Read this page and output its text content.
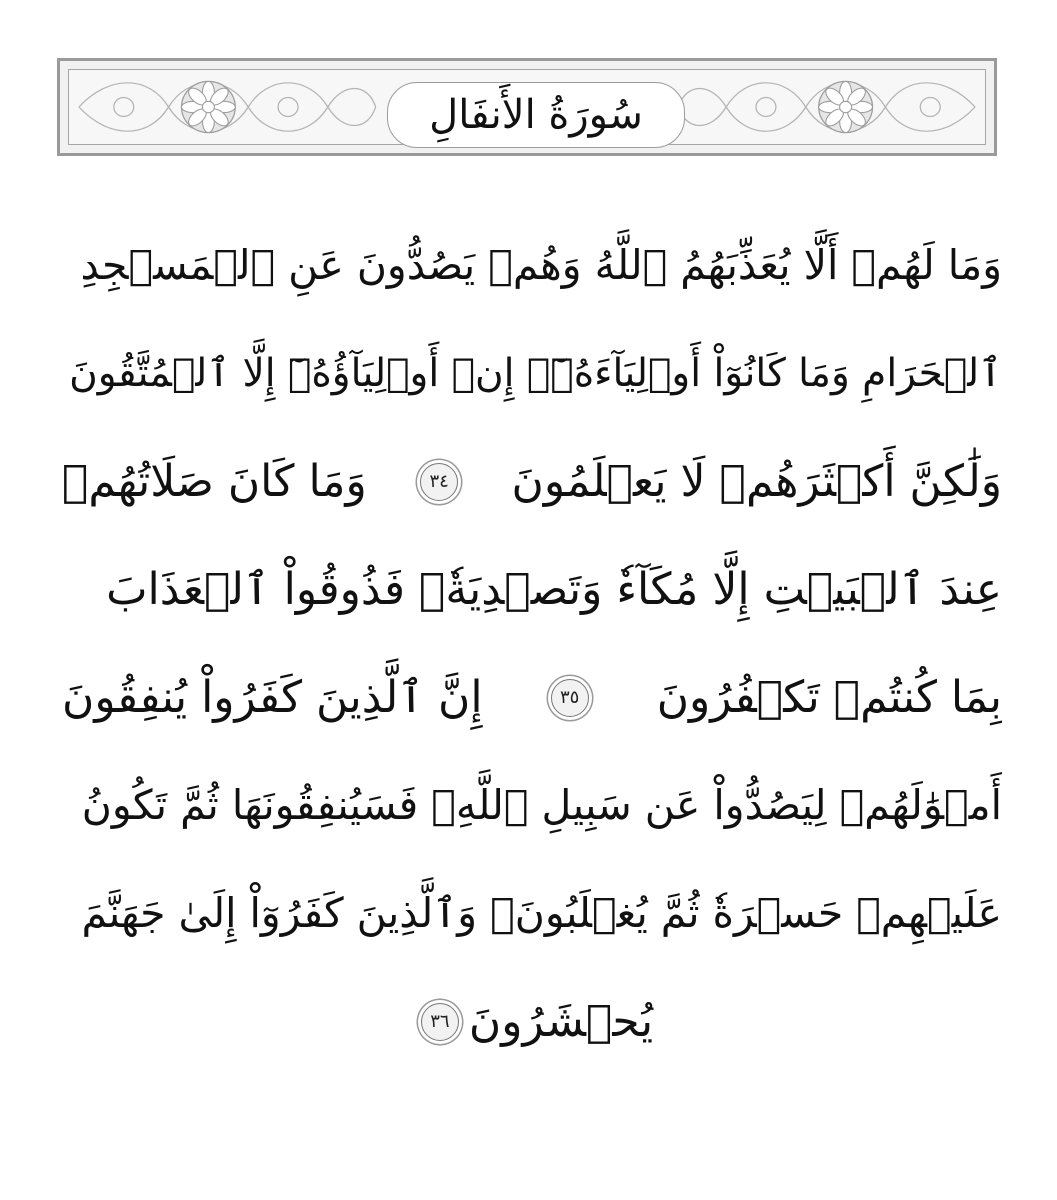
سُورَةُ الأَنفَالِ
وَمَا لَهُمۡ أَلَّا يُعَذِّبَهُمُ ٱللَّهُ وَهُمۡ يَصُدُّونَ عَنِ ٱلۡمَسۡجِدِ
ٱلۡحَرَامِ وَمَا كَانُوٓاْ أَوۡلِيَآءَهُۥٓۚ إِنۡ أَوۡلِيَآؤُهُۥٓ إِلَّا ٱلۡمُتَّقُونَ
وَلَٰكِنَّ أَكۡثَرَهُمۡ لَا يَعۡلَمُونَ
٣٤
وَمَا كَانَ صَلَاتُهُمۡ
عِندَ ٱلۡبَيۡتِ إِلَّا مُكَآءٗ وَتَصۡدِيَةٗۚ فَذُوقُواْ ٱلۡعَذَابَ
بِمَا كُنتُمۡ تَكۡفُرُونَ
٣٥
إِنَّ ٱلَّذِينَ كَفَرُواْ يُنفِقُونَ
أَمۡوَٰلَهُمۡ لِيَصُدُّواْ عَن سَبِيلِ ٱللَّهِۚ فَسَيُنفِقُونَهَا ثُمَّ تَكُونُ
عَلَيۡهِمۡ حَسۡرَةٗ ثُمَّ يُغۡلَبُونَۗ وَٱلَّذِينَ كَفَرُوٓاْ إِلَىٰ جَهَنَّمَ
يُحۡشَرُونَ
٣٦
